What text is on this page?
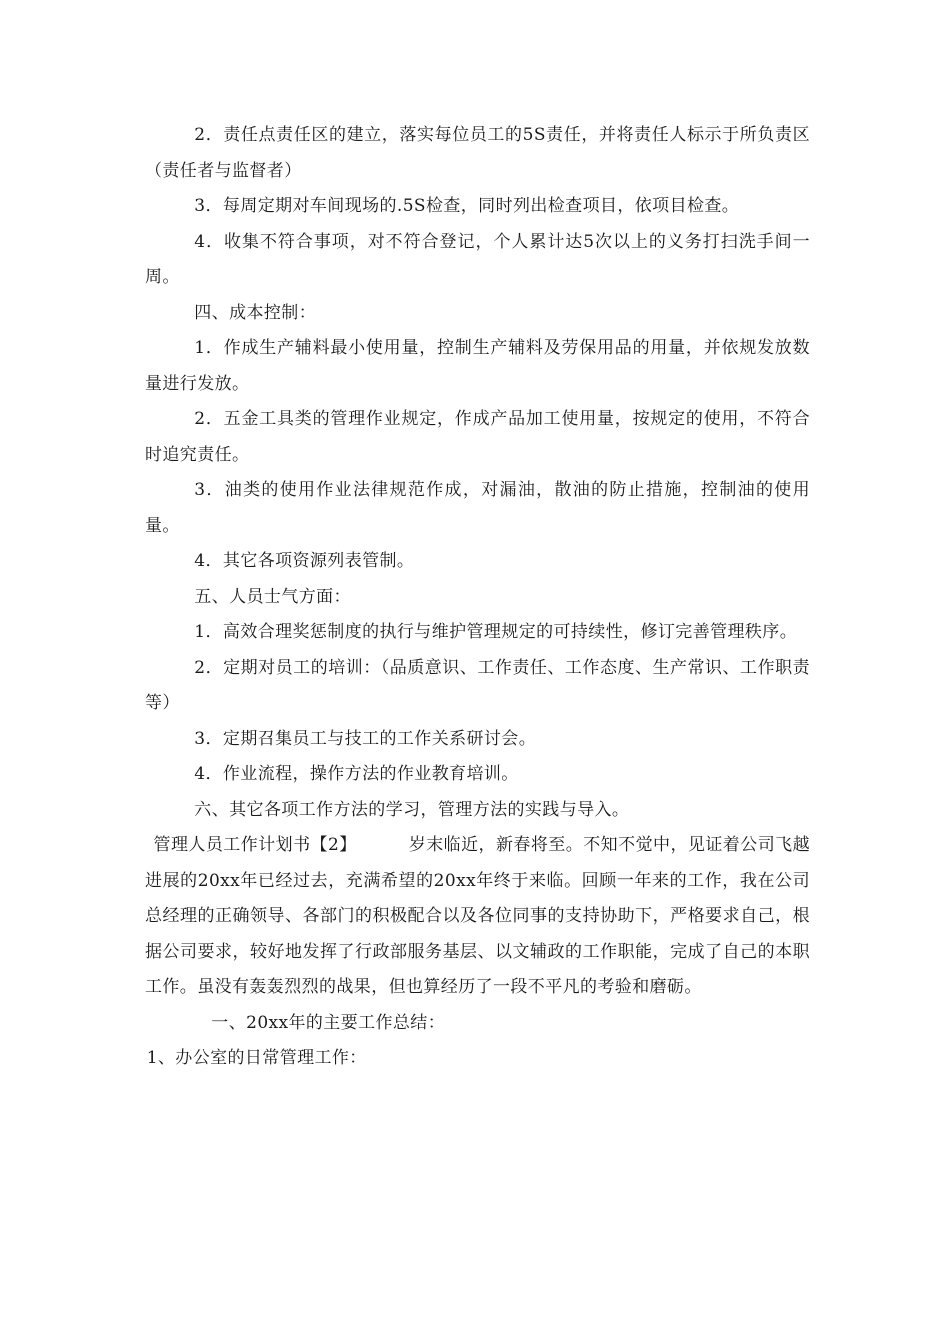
2．责任点责任区的建立，落实每位员工的5S责任，并将责任人标示于所负责区（责任者与监督者）

3．每周定期对车间现场的.5S检查，同时列出检查项目，依项目检查。

4．收集不符合事项，对不符合登记，个人累计达5次以上的义务打扫洗手间一周。

四、成本控制：

1．作成生产辅料最小使用量，控制生产辅料及劳保用品的用量，并依规发放数量进行发放。

2．五金工具类的管理作业规定，作成产品加工使用量，按规定的使用，不符合时追究责任。

3．油类的使用作业法律规范作成，对漏油，散油的防止措施，控制油的使用量。

4．其它各项资源列表管制。

五、人员士气方面：

1．高效合理奖惩制度的执行与维护管理规定的可持续性，修订完善管理秩序。

2．定期对员工的培训：（品质意识、工作责任、工作态度、生产常识、工作职责等）

3．定期召集员工与技工的工作关系研讨会。

4．作业流程，操作方法的作业教育培训。

六、其它各项工作方法的学习，管理方法的实践与导入。

管理人员工作计划书【2】	岁末临近，新春将至。不知不觉中，见证着公司飞越进展的20xx年已经过去，充满希望的20xx年终于来临。回顾一年来的工作，我在公司总经理的正确领导、各部门的积极配合以及各位同事的支持协助下，严格要求自己，根据公司要求，较好地发挥了行政部服务基层、以文辅政的工作职能，完成了自己的本职工作。虽没有轰轰烈烈的战果，但也算经历了一段不平凡的考验和磨砺。

一、20xx年的主要工作总结：

1、办公室的日常管理工作：
